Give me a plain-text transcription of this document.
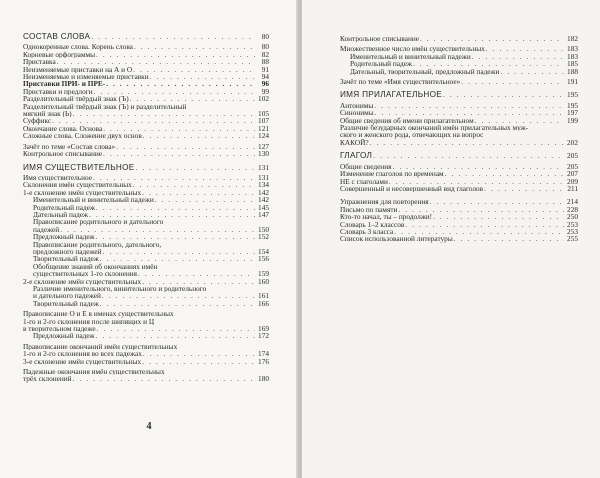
СОСТАВ СЛОВА . . .	80
Однокоренные слова. Корень слова . . .	80
Корневые орфограммы . . .	82
Приставка . . .	88
Неизменяемые приставки на А и О . . .	91
Неизменяемые и изменяемые приставки . . .	94
Приставки ПРИ- и ПРЕ- . . .	96
Приставки и предлоги . . .	99
Разделительный твёрдый знак (Ъ) . . .	102
Разделительный твёрдый знак (Ъ) и разделительный
мягкий знак (Ь) . . .	105
Суффикс . . .	107
Окончание слова. Основа . . .	121
Сложные слова. Сложение двух основ . . .	124
Зачёт по теме «Состав слова» . . .	127
Контрольное списывание . . .	130
ИМЯ СУЩЕСТВИТЕЛЬНОЕ . . .	131
Имя существительное . . .	131
Склонения имён существительных . . .	134
1-е склонение имён существительных . . .	142
Именительный и винительный падежи . . .	142
Родительный падеж . . .	145
Дательный падеж . . .	147
Правописание родительного и дательного
падежей . . .	150
Предложный падеж . . .	152
Правописание родительного, дательного,
предложного падежей . . .	154
Творительный падеж . . .	156
Обобщение знаний об окончаниях имён
существительных 1-го склонения . . .	159
2-е склонение имён существительных . . .	160
Различие именительного, винительного и родительного
и дательного падежей . . .	161
Творительный падеж . . .	166
Правописание О и Е в именах существительных
1-го и 2-го склонения после шипящих и Ц
в творительном падеже . . .	169
Предложный падеж . . .	172
Правописание окончаний имён существительных
1-го и 2-го склонения во всех падежах . . .	174
3-е склонение имён существительных . . .	176
Падежные окончания имён существительных
трёх склонений . . .	180
4
Контрольное списывание . . .	182
Множественное число имён существительных . . .	183
Именительный и винительный падежи . . .	183
Родительный падеж . . .	185
Дательный, творительный, предложный падежи . . .	188
Зачёт по теме «Имя существительное» . . .	191
ИМЯ ПРИЛАГАТЕЛЬНОЕ . . .	195
Антонимы . . .	195
Синонимы . . .	197
Общие сведения об имени прилагательном . . .	199
Различие безударных окончаний имён прилагательных муж-
ского и женского рода, отвечающих на вопрос
КАКОЙ? . . .	202
ГЛАГОЛ . . .	205
Общие сведения . . .	205
Изменение глаголов по временам . . .	207
НЕ с глаголами . . .	209
Совершенный и несовершенный вид глаголов . . .	211
Упражнения для повторения . . .	214
Письмо по памяти . . .	228
Кто-то начал, ты – продолжи! . . .	250
Словарь 1–2 классов . . .	253
Словарь 3 класса . . .	253
Список использованной литературы . . .	255
